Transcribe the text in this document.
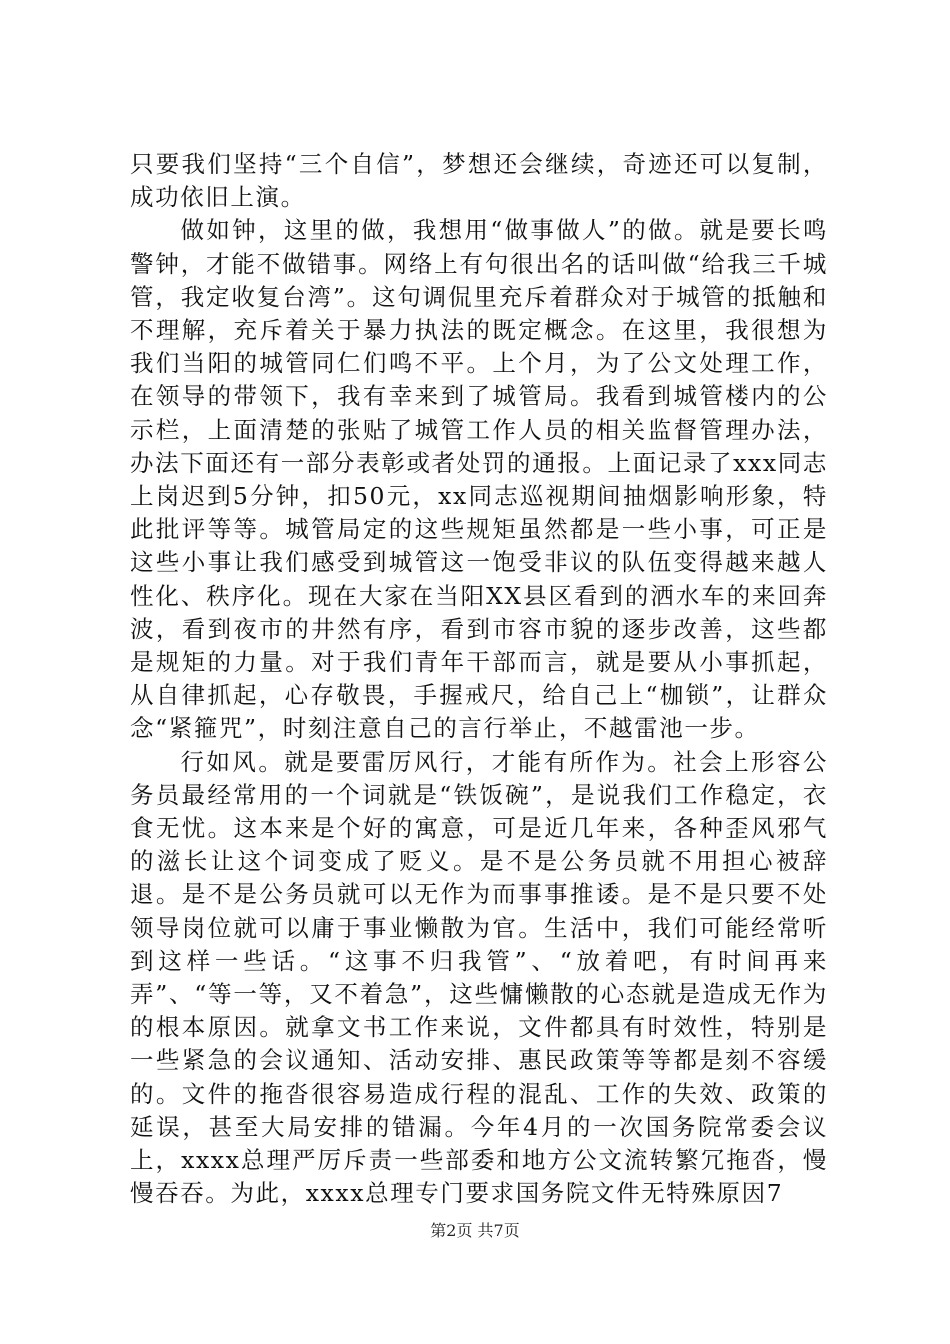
只要我们坚持“三个自信”，梦想还会继续，奇迹还可以复制，成功依旧上演。

做如钟，这里的做，我想用“做事做人”的做。就是要长鸣警钟，才能不做错事。网络上有句很出名的话叫做“给我三千城管，我定收复台湾”。这句调侃里充斥着群众对于城管的抵触和不理解，充斥着关于暴力执法的既定概念。在这里，我很想为我们当阳的城管同仁们鸣不平。上个月，为了公文处理工作，在领导的带领下，我有幸来到了城管局。我看到城管楼内的公示栏，上面清楚的张贴了城管工作人员的相关监督管理办法，办法下面还有一部分表彰或者处罚的通报。上面记录了xxx同志上岗迟到5分钟，扣50元，xx同志巡视期间抽烟影响形象，特此批评等等。城管局定的这些规矩虽然都是一些小事，可正是这些小事让我们感受到城管这一饱受非议的队伍变得越来越人性化、秩序化。现在大家在当阳XX县区看到的洒水车的来回奔波，看到夜市的井然有序，看到市容市貌的逐步改善，这些都是规矩的力量。对于我们青年干部而言，就是要从小事抓起，从自律抓起，心存敬畏，手握戒尺，给自己上“枷锁”，让群众念“紧箍咒”，时刻注意自己的言行举止，不越雷池一步。

行如风。就是要雷厉风行，才能有所作为。社会上形容公务员最经常用的一个词就是“铁饭碗”，是说我们工作稳定，衣食无忧。这本来是个好的寓意，可是近几年来，各种歪风邪气的滋长让这个词变成了贬义。是不是公务员就不用担心被辞退。是不是公务员就可以无作为而事事推诿。是不是只要不处领导岗位就可以庸于事业懒散为官。生活中，我们可能经常听到这样一些话。“这事不归我管”、“放着吧，有时间再来弄”、“等一等，又不着急”，这些慵懒散的心态就是造成无作为的根本原因。就拿文书工作来说，文件都具有时效性，特别是一些紧急的会议通知、活动安排、惠民政策等等都是刻不容缓的。文件的拖沓很容易造成行程的混乱、工作的失效、政策的延误，甚至大局安排的错漏。今年4月的一次国务院常委会议上，xxxx总理严厉斥责一些部委和地方公文流转繁冗拖沓，慢慢吞吞。为此，xxxx总理专门要求国务院文件无特殊原因7

第2页 共7页
